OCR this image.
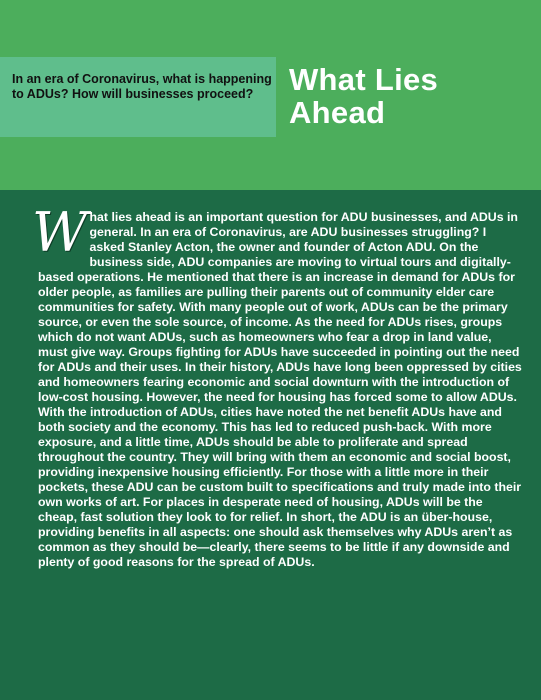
In an era of Coronavirus, what is happening to ADUs? How will businesses proceed?	What Lies Ahead
W hat lies ahead is an important question for ADU businesses, and ADUs in general. In an era of Coronavirus, are ADU businesses struggling? I asked Stanley Acton, the owner and founder of Acton ADU. On the business side, ADU companies are moving to virtual tours and digitally-based operations. He mentioned that there is an increase in demand for ADUs for older people, as families are pulling their parents out of community elder care communities for safety. With many people out of work, ADUs can be the primary source, or even the sole source, of income. As the need for ADUs rises, groups which do not want ADUs, such as homeowners who fear a drop in land value, must give way. Groups fighting for ADUs have succeeded in pointing out the need for ADUs and their uses. In their history, ADUs have long been oppressed by cities and homeowners fearing economic and social downturn with the introduction of low-cost housing. However, the need for housing has forced some to allow ADUs. With the introduction of ADUs, cities have noted the net benefit ADUs have and both society and the economy. This has led to reduced push-back. With more exposure, and a little time, ADUs should be able to proliferate and spread throughout the country. They will bring with them an economic and social boost, providing inexpensive housing efficiently. For those with a little more in their pockets, these ADU can be custom built to specifications and truly made into their own works of art. For places in desperate need of housing, ADUs will be the cheap, fast solution they look to for relief. In short, the ADU is an über-house, providing benefits in all aspects: one should ask themselves why ADUs aren’t as common as they should be—clearly, there seems to be little if any downside and plenty of good reasons for the spread of ADUs.
